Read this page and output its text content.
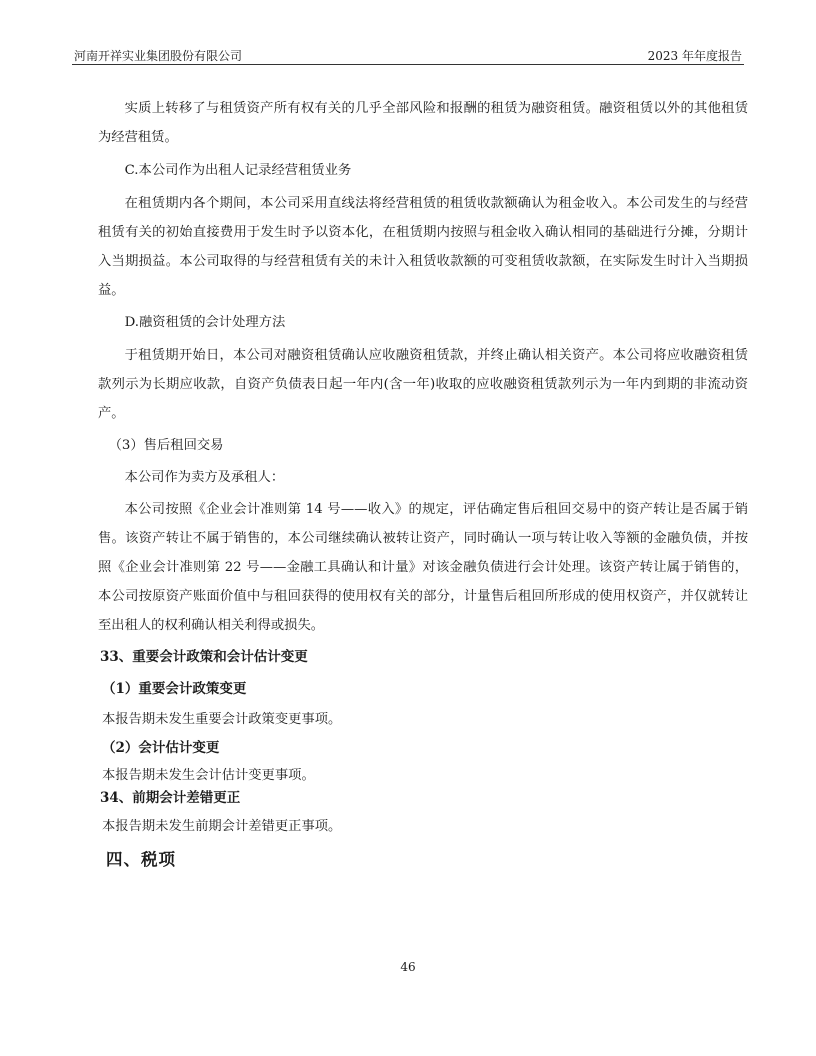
河南开祥实业集团股份有限公司	2023 年年度报告

实质上转移了与租赁资产所有权有关的几乎全部风险和报酬的租赁为融资租赁。融资租赁以外的其他租赁为经营租赁。

C.本公司作为出租人记录经营租赁业务

在租赁期内各个期间，本公司采用直线法将经营租赁的租赁收款额确认为租金收入。本公司发生的与经营租赁有关的初始直接费用于发生时予以资本化，在租赁期内按照与租金收入确认相同的基础进行分摊，分期计入当期损益。本公司取得的与经营租赁有关的未计入租赁收款额的可变租赁收款额，在实际发生时计入当期损益。

D.融资租赁的会计处理方法

于租赁期开始日，本公司对融资租赁确认应收融资租赁款，并终止确认相关资产。本公司将应收融资租赁款列示为长期应收款，自资产负债表日起一年内(含一年)收取的应收融资租赁款列示为一年内到期的非流动资产。

（3）售后租回交易

本公司作为卖方及承租人：

本公司按照《企业会计准则第 14 号——收入》的规定，评估确定售后租回交易中的资产转让是否属于销售。该资产转让不属于销售的，本公司继续确认被转让资产，同时确认一项与转让收入等额的金融负债，并按照《企业会计准则第 22 号——金融工具确认和计量》对该金融负债进行会计处理。该资产转让属于销售的，本公司按原资产账面价值中与租回获得的使用权有关的部分，计量售后租回所形成的使用权资产，并仅就转让至出租人的权利确认相关利得或损失。

33、重要会计政策和会计估计变更

（1）重要会计政策变更

本报告期未发生重要会计政策变更事项。

（2）会计估计变更

本报告期未发生会计估计变更事项。

34、前期会计差错更正

本报告期未发生前期会计差错更正事项。

四、税项

46
